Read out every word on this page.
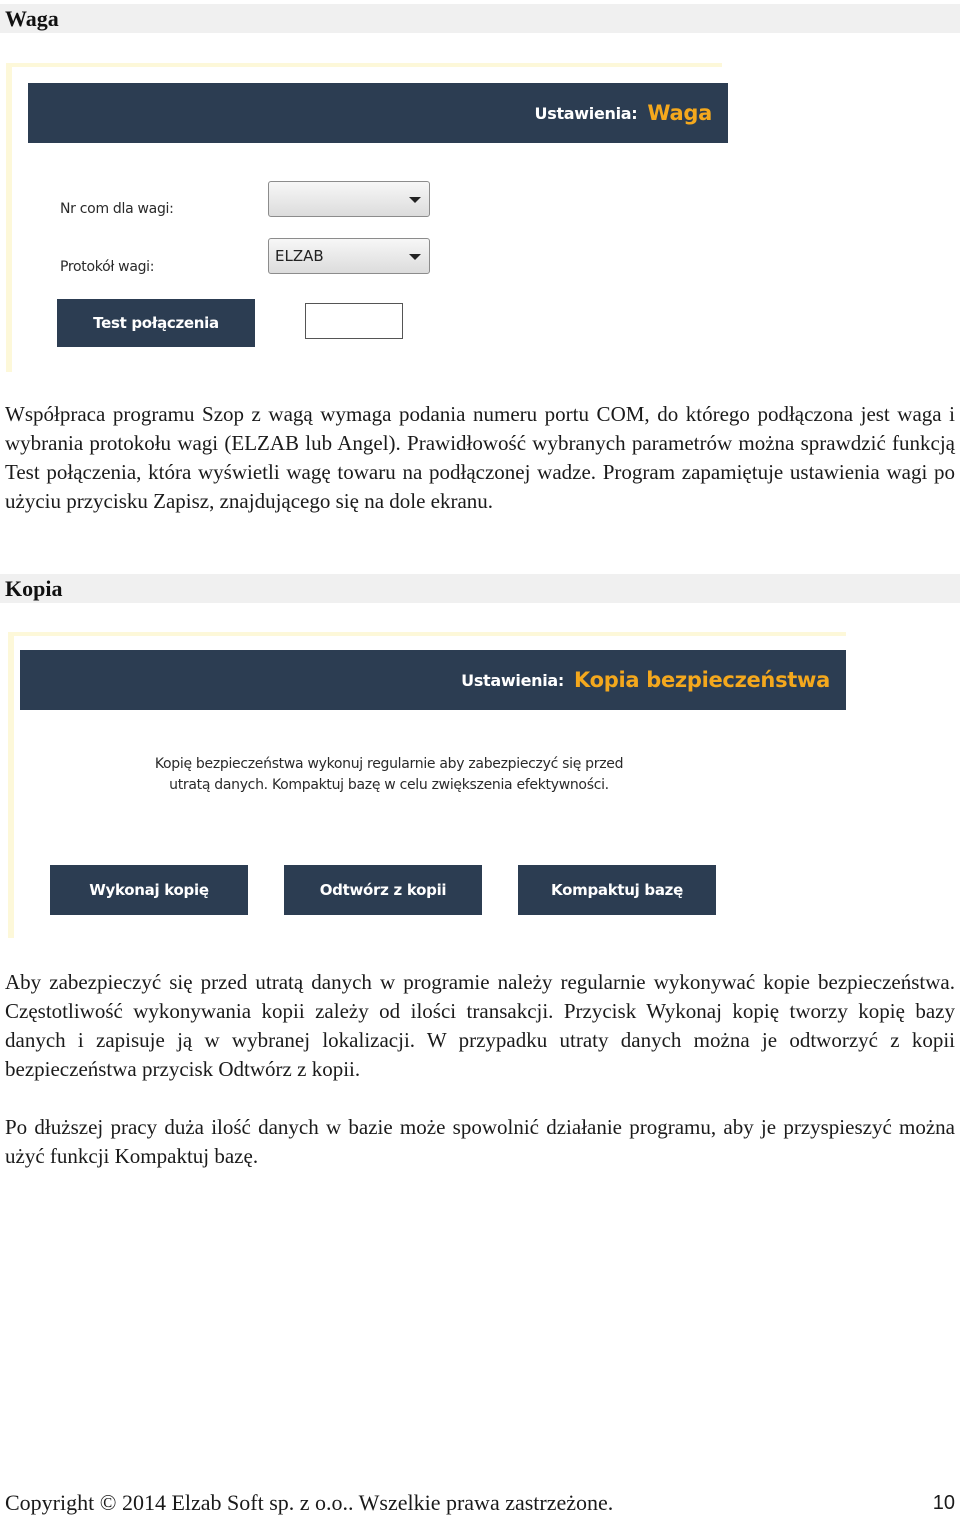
Waga
Ustawienia: Waga
Nr com dla wagi:
Protokół wagi:
ELZAB
Test połączenia

Współpraca programu Szop z wagą wymaga podania numeru portu COM, do którego podłączona jest waga i wybrania protokołu wagi (ELZAB lub Angel). Prawidłowość wybranych parametrów można sprawdzić funkcją Test połączenia, która wyświetli wagę towaru na podłączonej wadze. Program zapamiętuje ustawienia wagi po użyciu przycisku Zapisz, znajdującego się na dole ekranu.

Kopia
Ustawienia: Kopia bezpieczeństwa
Kopię bezpieczeństwa wykonuj regularnie aby zabezpieczyć się przed utratą danych. Kompaktuj bazę w celu zwiększenia efektywności.
Wykonaj kopię	Odtwórz z kopii	Kompaktuj bazę

Aby zabezpieczyć się przed utratą danych w programie należy regularnie wykonywać kopie bezpieczeństwa. Częstotliwość wykonywania kopii zależy od ilości transakcji. Przycisk Wykonaj kopię tworzy kopię bazy danych i zapisuje ją w wybranej lokalizacji. W przypadku utraty danych można je odtworzyć z kopii bezpieczeństwa przycisk Odtwórz z kopii.

Po dłuższej pracy duża ilość danych w bazie może spowolnić działanie programu, aby je przyspieszyć można użyć funkcji Kompaktuj bazę.

Copyright © 2014 Elzab Soft sp. z o.o.. Wszelkie prawa zastrzeżone.	10
